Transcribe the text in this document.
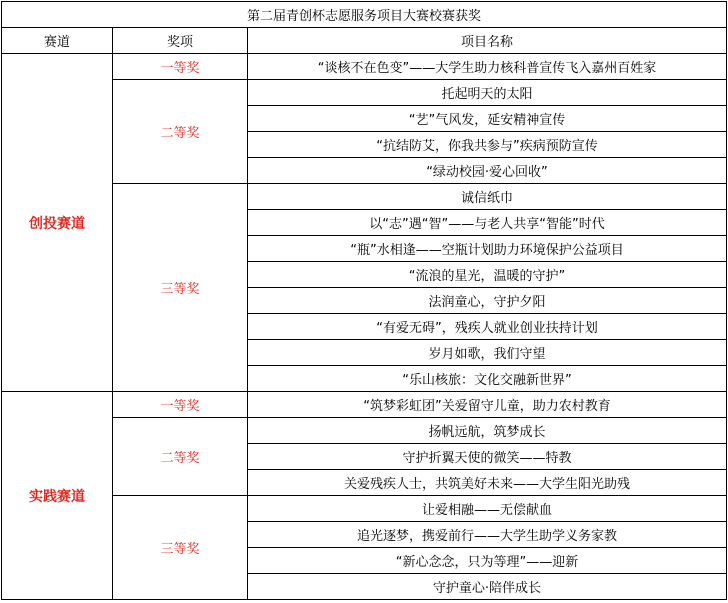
第二届青创杯志愿服务项目大赛校赛获奖		
赛道	奖项	项目名称
创投赛道	一等奖	“谈核不在色变”——大学生助力核科普宣传飞入嘉州百姓家
	二等奖	托起明天的太阳
		“艺”气风发，延安精神宣传
		“抗结防艾，你我共参与”疾病预防宣传
		“绿动校园·爱心回收”
	三等奖	诚信纸巾
		以“志”遇“智”——与老人共享“智能”时代
		“瓶”水相逢——空瓶计划助力环境保护公益项目
		“流浪的星光，温暖的守护”
		法润童心，守护夕阳
		“有爱无碍”，残疾人就业创业扶持计划
		岁月如歌，我们守望
		“乐山核旅：文化交融新世界”
实践赛道	一等奖	“筑梦彩虹团”关爱留守儿童，助力农村教育
	二等奖	扬帆远航，筑梦成长
		守护折翼天使的微笑——特教
		关爱残疾人士，共筑美好未来——大学生阳光助残
	三等奖	让爱相融——无偿献血
		追光逐梦，携爱前行——大学生助学义务家教
		“新心念念，只为等理”——迎新
		守护童心·陪伴成长
